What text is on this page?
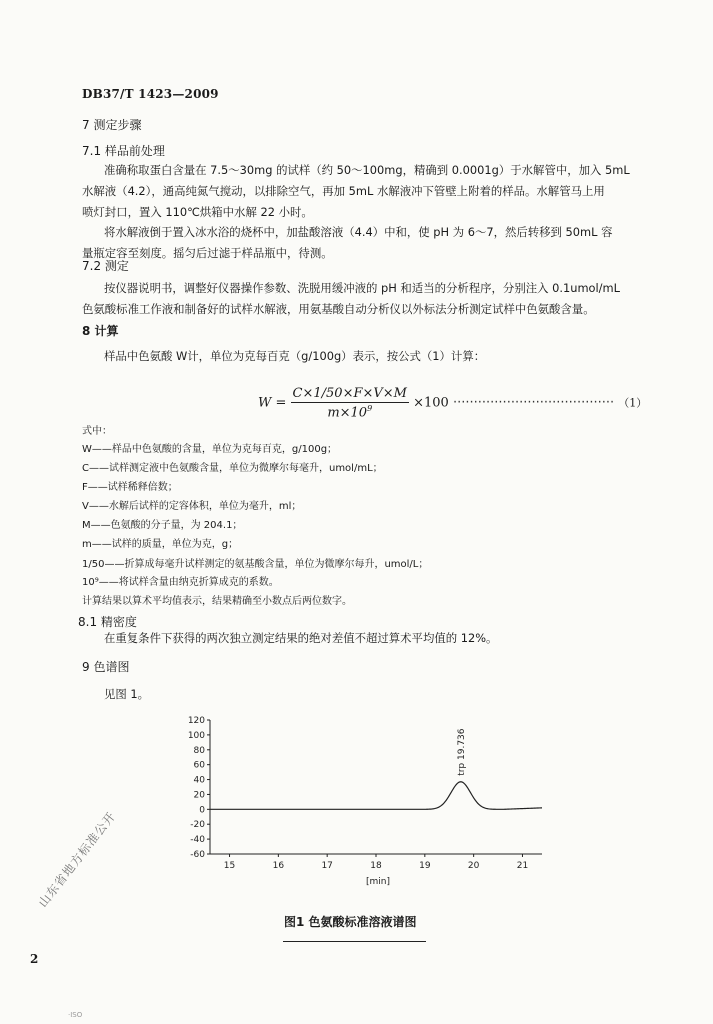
DB37/T 1423—2009
7 测定步骤
7.1 样品前处理
准确称取蛋白含量在 7.5～30mg 的试样（约 50～100mg，精确到 0.0001g）于水解管中，加入 5mL
水解液（4.2），通高纯氮气搅动，以排除空气，再加 5mL 水解液冲下管壁上附着的样品。水解管马上用
喷灯封口，置入 110℃烘箱中水解 22 小时。
将水解液倒于置入冰水浴的烧杯中，加盐酸溶液（4.4）中和，使 pH 为 6～7，然后转移到 50mL 容
量瓶定容至刻度。摇匀后过滤于样品瓶中，待测。
7.2 测定
按仪器说明书，调整好仪器操作参数、洗脱用缓冲液的 pH 和适当的分析程序，分别注入 0.1umol/mL
色氨酸标准工作液和制备好的试样水解液，用氨基酸自动分析仪以外标法分析测定试样中色氨酸含量。
8 计算
样品中色氨酸 W计，单位为克每百克（g/100g）表示，按公式（1）计算：
$W = \frac{C\times 1/50\times F\times V\times M}{m\times 10^9} \times 100$ ······································· （1）
式中：
W——样品中色氨酸的含量，单位为克每百克，g/100g；
C——试样测定液中色氨酸含量，单位为微摩尔每毫升，umol/mL；
F——试样稀释倍数；
V——水解后试样的定容体积，单位为毫升，ml；
M——色氨酸的分子量，为 204.1；
m——试样的质量，单位为克，g；
1/50——折算成每毫升试样测定的氨基酸含量，单位为微摩尔每升，umol/L；
10⁹——将试样含量由纳克折算成克的系数。
计算结果以算术平均值表示，结果精确至小数点后两位数字。
8.1 精密度
在重复条件下获得的两次独立测定结果的绝对差值不超过算术平均值的 12%。
9 色谱图
见图 1。
120
100
80
60
40
20
0
-20
-40
-60
15	16	17	18	19	20	21
[min]
trp 19.736
图1 色氨酸标准溶液谱图
山东省地方标准公开
2
·ISO
